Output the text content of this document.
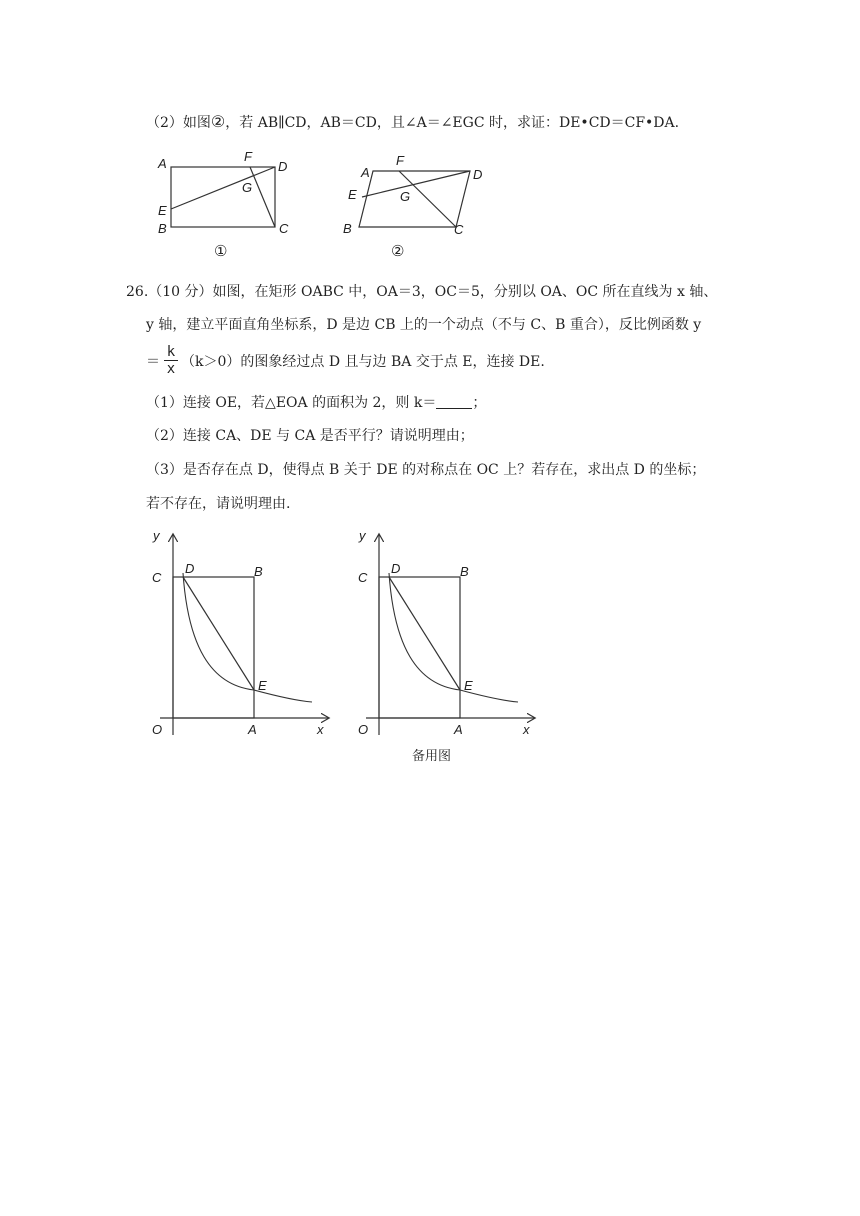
（2）如图②，若 AB∥CD，AB＝CD，且∠A＝∠EGC 时，求证：DE•CD＝CF•DA.
A	F
D
G
E
B	C
①
A
F
D
E	G
B	C
②
26.（10 分）如图，在矩形 OABC 中，OA＝3，OC＝5，分别以 OA、OC 所在直线为 x 轴、
y 轴，建立平面直角坐标系，D 是边 CB 上的一个动点（不与 C、B 重合），反比例函数 y
＝
k
x （k＞0）的图象经过点 D 且与边 BA 交于点 E，连接 DE.
（1）连接 OE，若△EOA 的面积为 2，则 k＝	；
（2）连接 CA、DE 与 CA 是否平行？请说明理由；
（3）是否存在点 D，使得点 B 关于 DE 的对称点在 OC 上？若存在，求出点 D 的坐标；
若不存在，请说明理由.
y
C
D	B
E
O	A	x
y
C
D	B
E
O	A	x
备用图
